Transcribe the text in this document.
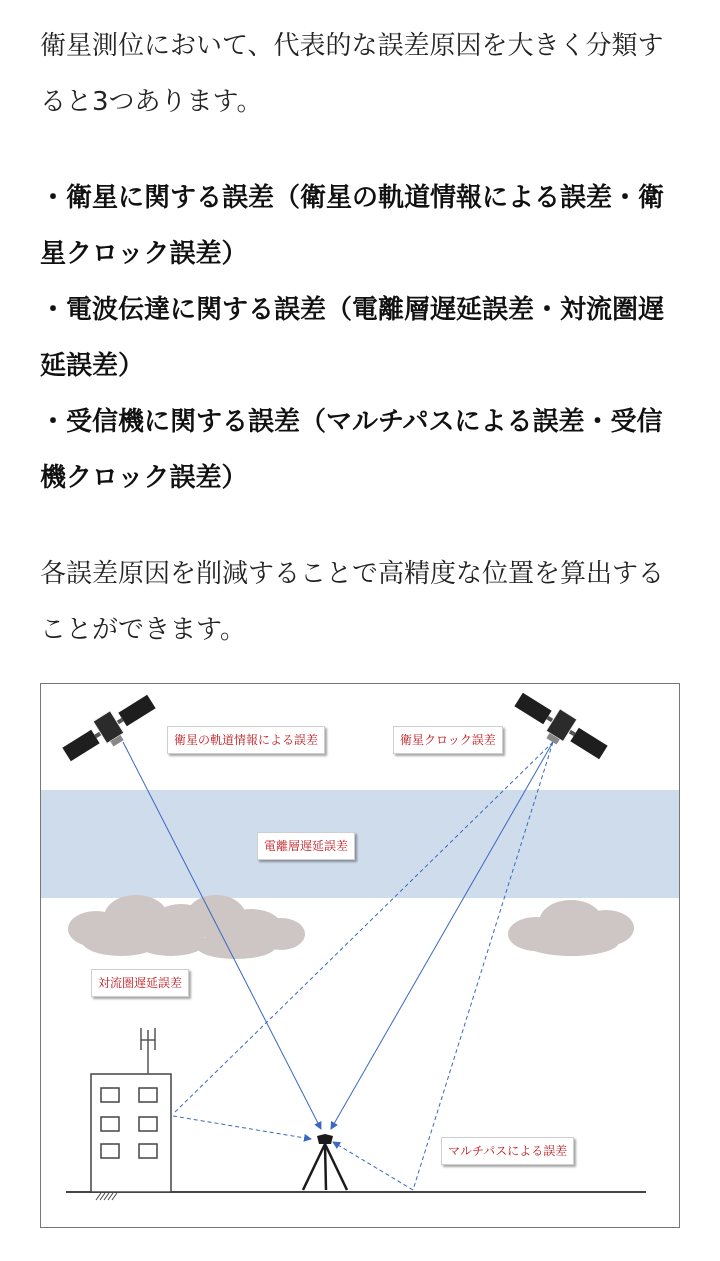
衛星測位において、代表的な誤差原因を大きく分類すると3つあります。

・衛星に関する誤差（衛星の軌道情報による誤差・衛星クロック誤差）
・電波伝達に関する誤差（電離層遅延誤差・対流圏遅延誤差）
・受信機に関する誤差（マルチパスによる誤差・受信機クロック誤差）

各誤差原因を削減することで高精度な位置を算出することができます。

衛星の軌道情報による誤差	衛星クロック誤差
電離層遅延誤差
対流圏遅延誤差
マルチパスによる誤差
